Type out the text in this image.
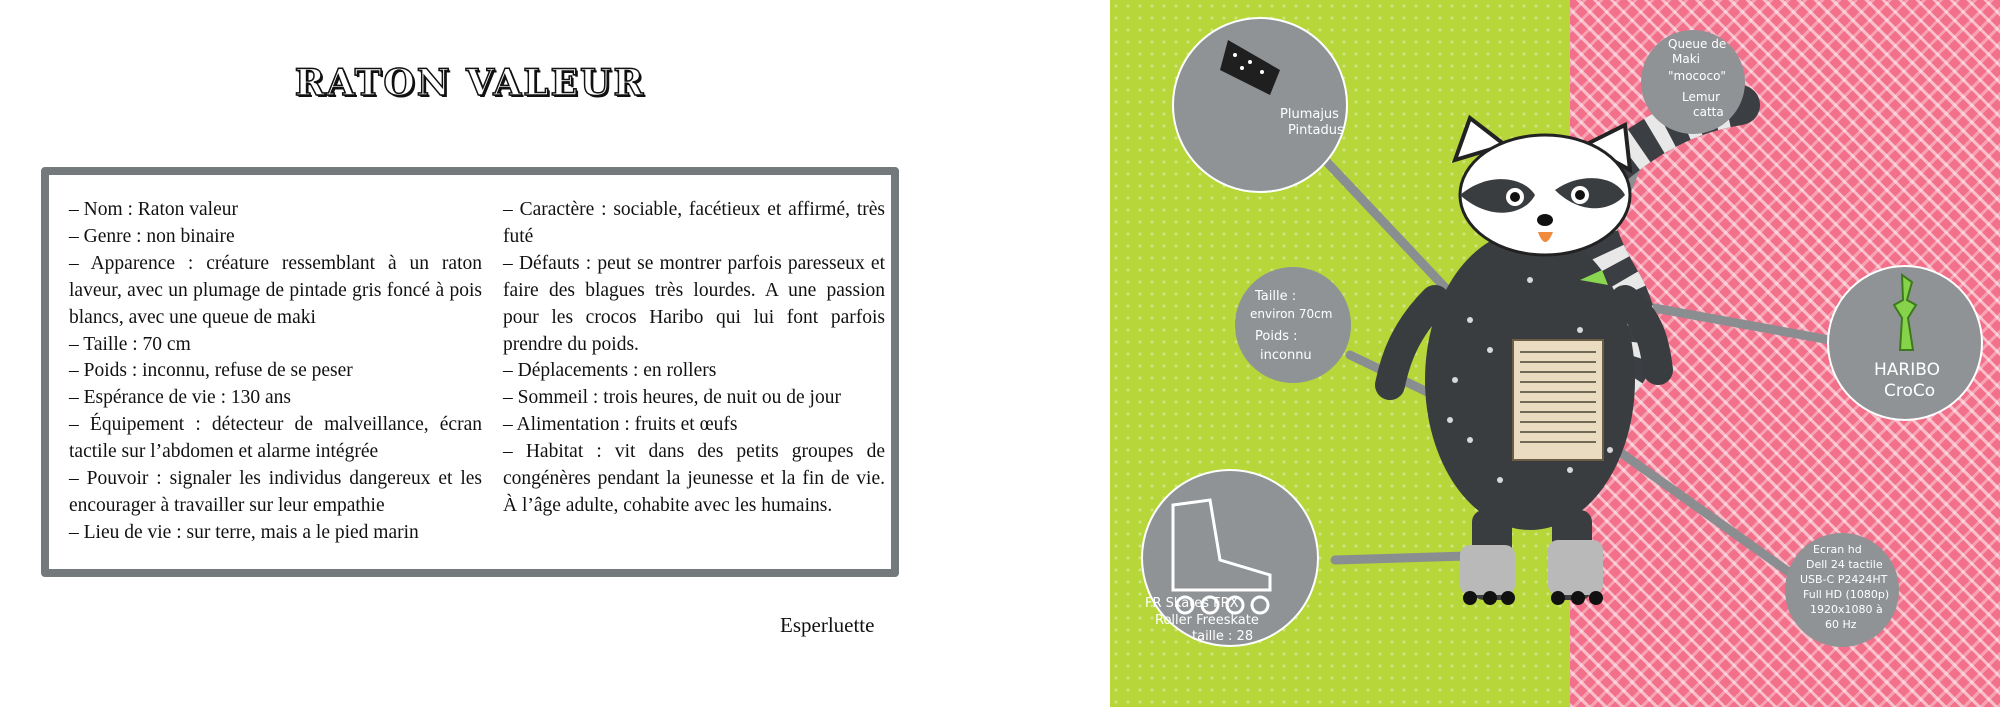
RATON VALEUR

– Nom : Raton valeur

– Genre : non binaire

– Apparence : créature ressemblant à un raton laveur, avec un plumage de pintade gris foncé à pois blancs, avec une queue de maki

– Taille : 70 cm

– Poids : inconnu, refuse de se peser

– Espérance de vie : 130 ans

– Équipement : détecteur de malveillance, écran tactile sur l’abdomen et alarme intégrée

– Pouvoir : signaler les individus dangereux et les encourager à travailler sur leur empathie

– Lieu de vie : sur terre, mais a le pied marin

– Caractère : sociable, facétieux et affirmé, très futé

– Défauts : peut se montrer parfois paresseux et faire des blagues très lourdes. A une passion pour les crocos Haribo qui lui font parfois prendre du poids.

– Déplacements : en rollers

– Sommeil : trois heures, de nuit ou de jour

– Alimentation : fruits et œufs

– Habitat : vit dans des petits groupes de congénères pendant la jeunesse et la fin de vie. À l’âge adulte, cohabite avec les humains.

Esperluette
Plumajus
Pintadus
Queue de
Maki
"mococo"
Lemur
catta
Taille :
environ 70cm
Poids :
inconnu
HARIBO
CroCo
FR Skates FRX
Roller Freeskate
taille : 28
Ecran hd
Dell 24 tactile
USB-C P2424HT
Full HD (1080p)
1920x1080 à
60 Hz
